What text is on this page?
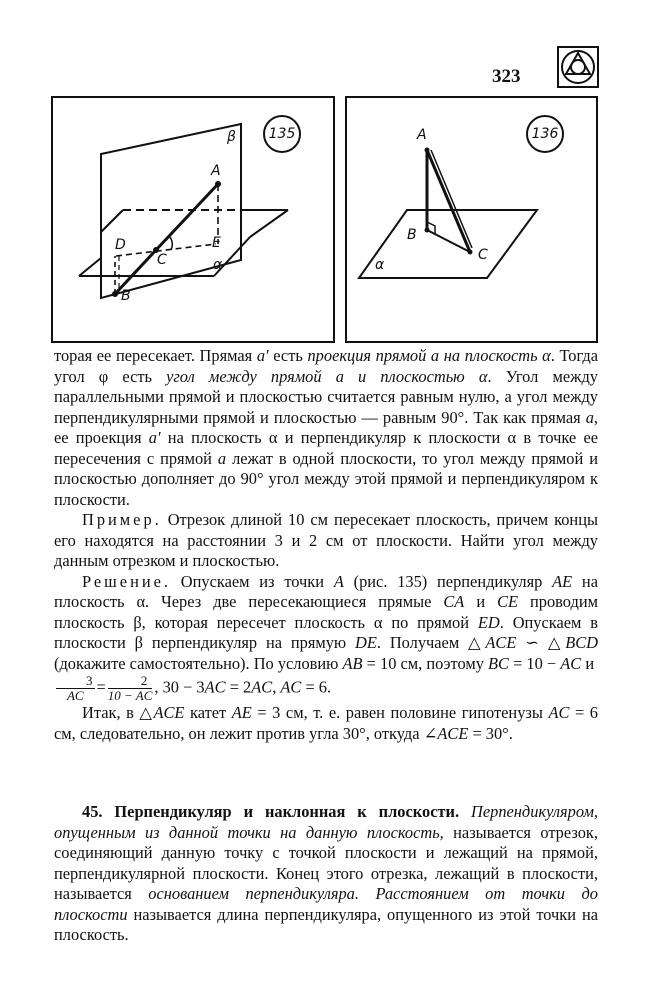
323
135
β
A
D
C
E
α
B
136
A
B
C
α

торая ее пересекает. Прямая a′ есть проекция прямой a на плоскость α. Тогда угол φ есть угол между прямой a и плоскостью α. Угол между параллельными прямой и плоскостью считается равным нулю, а угол между перпендикулярными прямой и плоскостью — равным 90°. Так как прямая a, ее проекция a′ на плоскость α и перпендикуляр к плоскости α в точке ее пересечения с прямой a лежат в одной плоскости, то угол между прямой и плоскостью дополняет до 90° угол между этой прямой и перпендикуляром к плоскости.

Пример. Отрезок длиной 10 см пересекает плоскость, причем концы его находятся на расстоянии 3 и 2 см от плоскости. Найти угол между данным отрезком и плоскостью.

Решение. Опускаем из точки A (рис. 135) перпендикуляр AE на плоскость α. Через две пересекающиеся прямые CA и CE проводим плоскость β, которая пересечет плоскость α по прямой ED. Опускаем в плоскости β перпендикуляр на прямую DE. Получаем △ACE ∽ △BCD (докажите самостоятельно). По условию AB = 10 см, поэтому BC = 10 − AC и

$\frac{3}{AC} = \frac{2}{10 - AC}$ , 30 − 3AC = 2AC, AC = 6.

Итак, в △ACE катет AE = 3 см, т. е. равен половине гипотенузы AC = 6 см, следовательно, он лежит против угла 30°, откуда ∠ACE = 30°.

45. Перпендикуляр и наклонная к плоскости. Перпендикуляром, опущенным из данной точки на данную плоскость, называется отрезок, соединяющий данную точку с точкой плоскости и лежащий на прямой, перпендикулярной плоскости. Конец этого отрезка, лежащий в плоскости, называется основанием перпендикуляра. Расстоянием от точки до плоскости называется длина перпендикуляра, опущенного из этой точки на плоскость.
